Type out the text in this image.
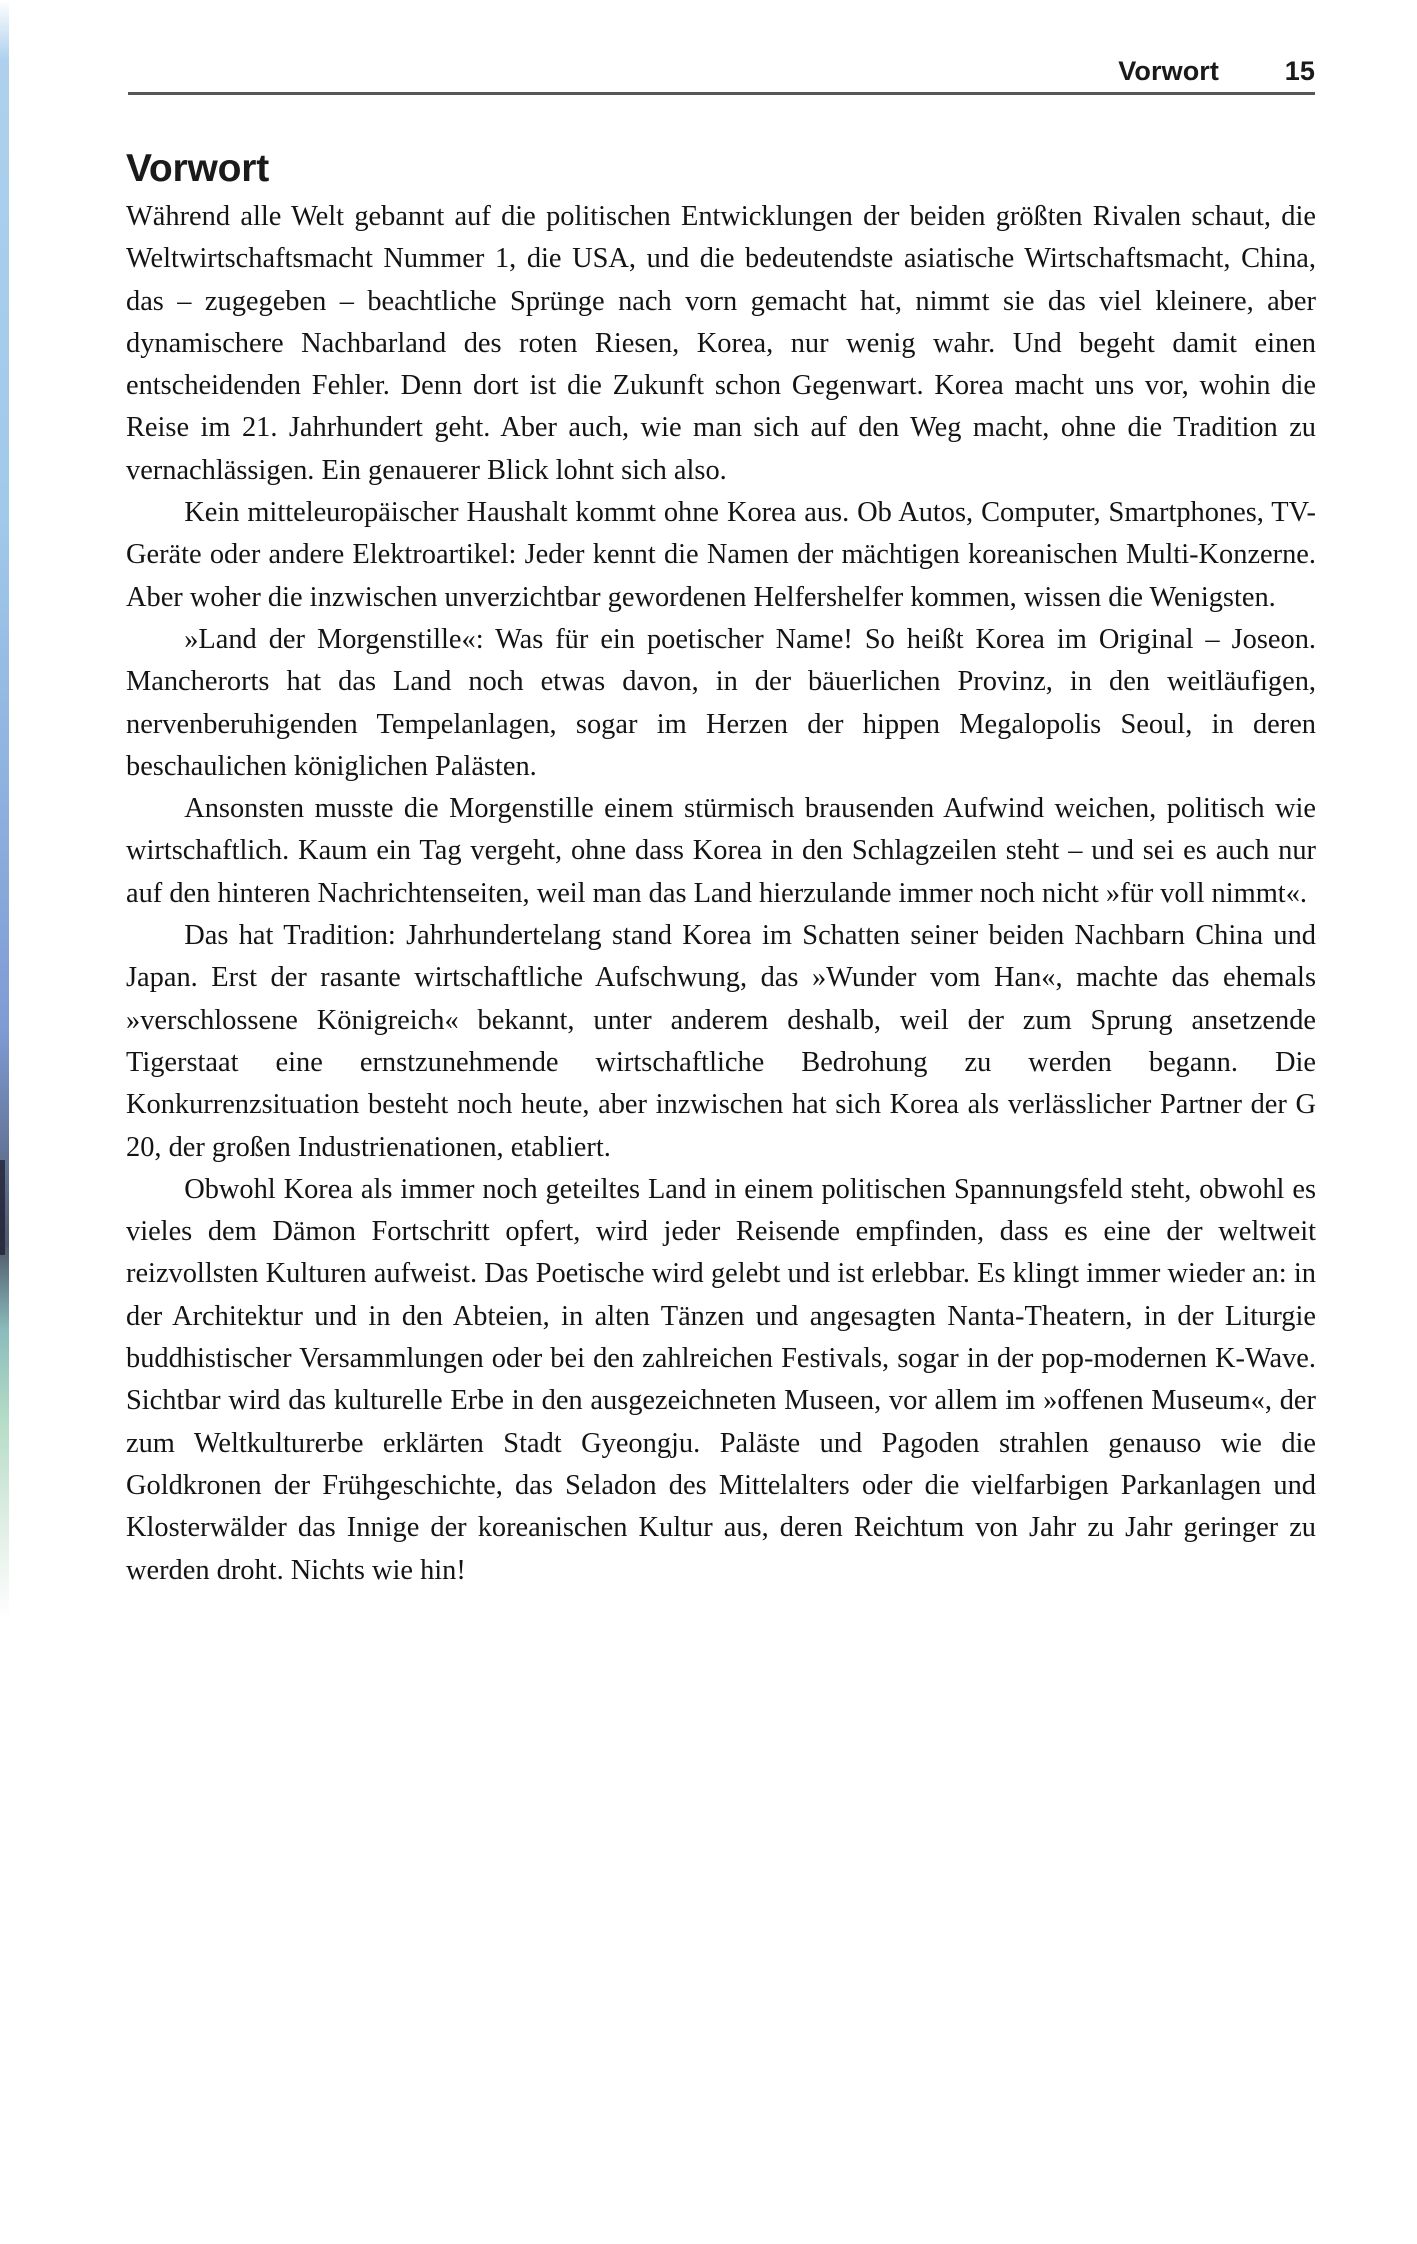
Vorwort	15
Vorwort

Während alle Welt gebannt auf die politischen Entwicklungen der beiden größten Rivalen schaut, die Weltwirtschaftsmacht Nummer 1, die USA, und die bedeutendste asiatische Wirtschaftsmacht, China, das – zugegeben – beachtliche Sprünge nach vorn gemacht hat, nimmt sie das viel kleinere, aber dynamischere Nachbarland des roten Riesen, Korea, nur wenig wahr. Und begeht damit einen entscheidenden Fehler. Denn dort ist die Zukunft schon Gegenwart. Korea macht uns vor, wohin die Reise im 21. Jahrhundert geht. Aber auch, wie man sich auf den Weg macht, ohne die Tradition zu vernachlässigen. Ein genauerer Blick lohnt sich also.

Kein mitteleuropäischer Haushalt kommt ohne Korea aus. Ob Autos, Computer, Smartphones, TV-Geräte oder andere Elektroartikel: Jeder kennt die Namen der mächtigen koreanischen Multi-Konzerne. Aber woher die inzwischen unverzichtbar gewordenen Helfershelfer kommen, wissen die Wenigsten.

»Land der Morgenstille«: Was für ein poetischer Name! So heißt Korea im Original – Joseon. Mancherorts hat das Land noch etwas davon, in der bäuerlichen Provinz, in den weitläufigen, nervenberuhigenden Tempelanlagen, sogar im Herzen der hippen Megalopolis Seoul, in deren beschaulichen königlichen Palästen.

Ansonsten musste die Morgenstille einem stürmisch brausenden Aufwind weichen, politisch wie wirtschaftlich. Kaum ein Tag vergeht, ohne dass Korea in den Schlagzeilen steht – und sei es auch nur auf den hinteren Nachrichtenseiten, weil man das Land hierzulande immer noch nicht »für voll nimmt«.

Das hat Tradition: Jahrhundertelang stand Korea im Schatten seiner beiden Nachbarn China und Japan. Erst der rasante wirtschaftliche Aufschwung, das »Wunder vom Han«, machte das ehemals »verschlossene Königreich« bekannt, unter anderem deshalb, weil der zum Sprung ansetzende Tigerstaat eine ernstzunehmende wirtschaftliche Bedrohung zu werden begann. Die Konkurrenzsituation besteht noch heute, aber inzwischen hat sich Korea als verlässlicher Partner der G 20, der großen Industrienationen, etabliert.

Obwohl Korea als immer noch geteiltes Land in einem politischen Spannungsfeld steht, obwohl es vieles dem Dämon Fortschritt opfert, wird jeder Reisende empfinden, dass es eine der weltweit reizvollsten Kulturen aufweist. Das Poetische wird gelebt und ist erlebbar. Es klingt immer wieder an: in der Architektur und in den Abteien, in alten Tänzen und angesagten Nanta-Theatern, in der Liturgie buddhistischer Versammlungen oder bei den zahlreichen Festivals, sogar in der pop-modernen K-Wave. Sichtbar wird das kulturelle Erbe in den ausgezeichneten Museen, vor allem im »offenen Museum«, der zum Weltkulturerbe erklärten Stadt Gyeongju. Paläste und Pagoden strahlen genauso wie die Goldkronen der Frühgeschichte, das Seladon des Mittelalters oder die vielfarbigen Parkanlagen und Klosterwälder das Innige der koreanischen Kultur aus, deren Reichtum von Jahr zu Jahr geringer zu werden droht. Nichts wie hin!
